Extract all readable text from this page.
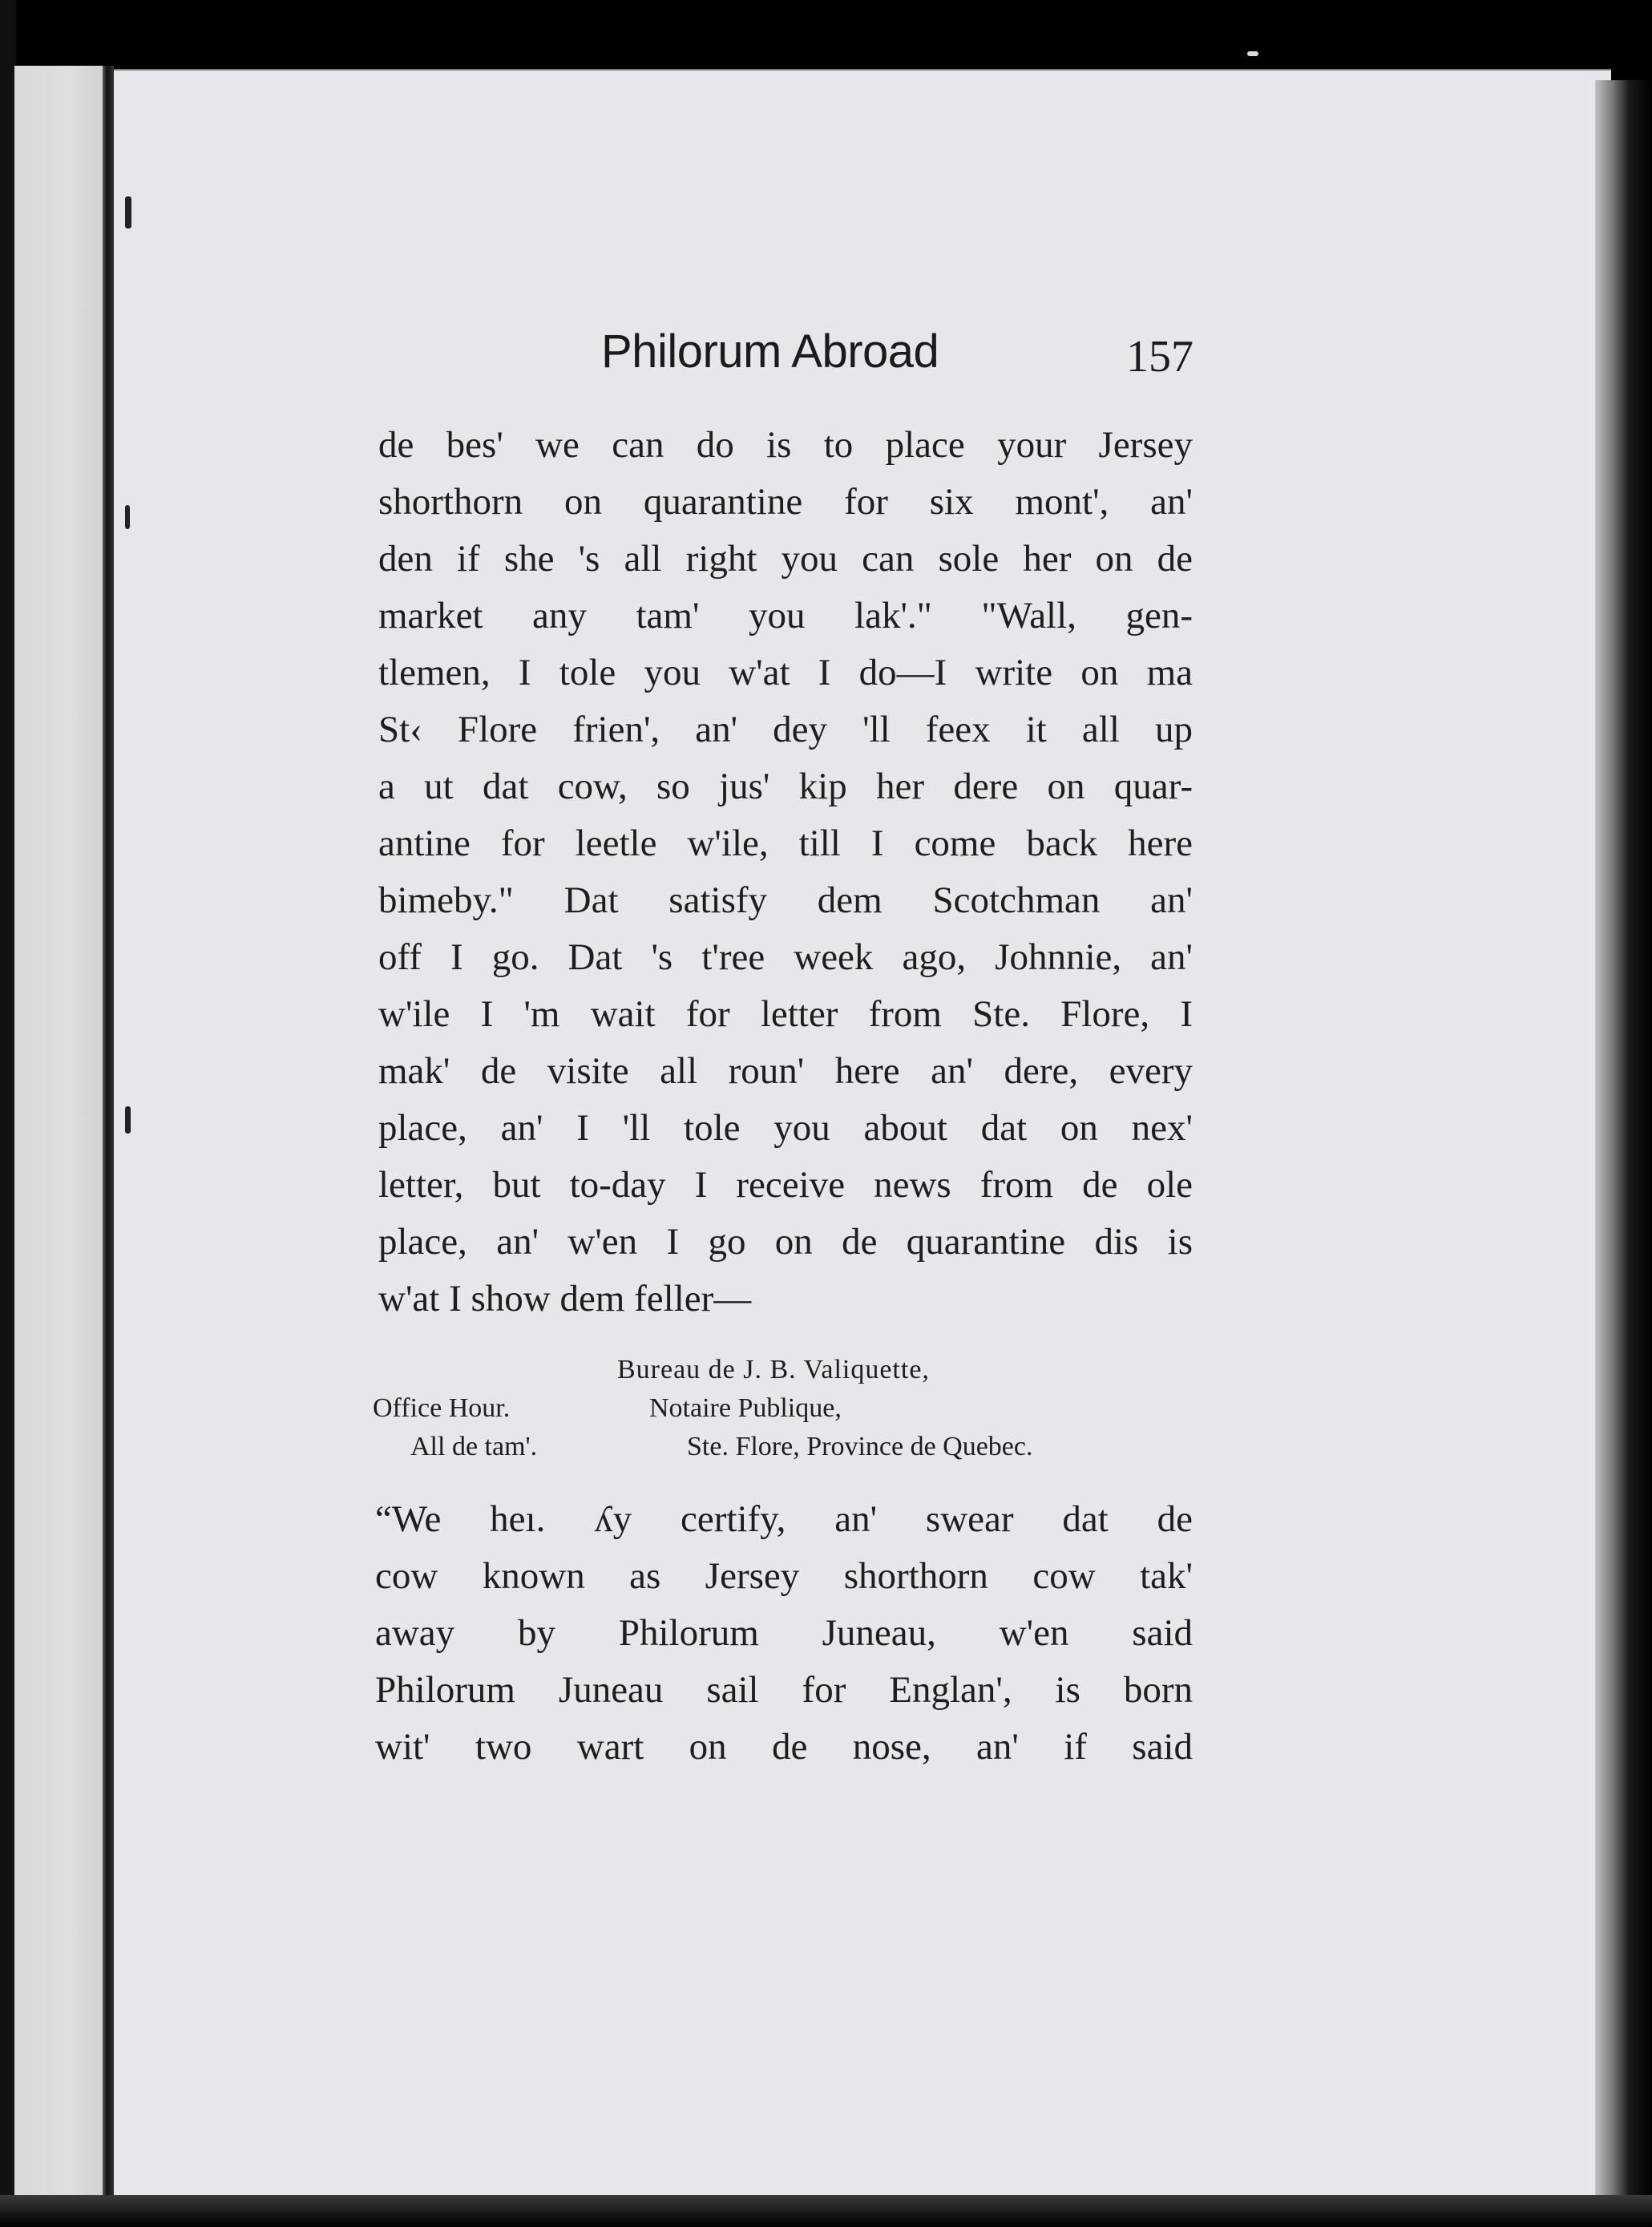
Philorum Abroad	157
de bes' we can do is to place your Jersey
shorthorn on quarantine for six mont', an'
den if she 's all right you can sole her on de
market any tam' you lak'." "Wall, gen-
tlemen, I tole you w'at I do—I write on ma
St‹ Flore frien', an' dey 'll feex it all up
a ut dat cow, so jus' kip her dere on quar-
antine for leetle w'ile, till I come back here
bimeby." Dat satisfy dem Scotchman an'
off I go. Dat 's t'ree week ago, Johnnie, an'
w'ile I 'm wait for letter from Ste. Flore, I
mak' de visite all roun' here an' dere, every
place, an' I 'll tole you about dat on nex'
letter, but to-day I receive news from de ole
place, an' w'en I go on de quarantine dis is
w'at I show dem feller—
Bureau de J. B. Valiquette,
Office Hour.	Notaire Publique,
All de tam'.	Ste. Flore, Province de Quebec.
“We heı. ʎy certify, an' swear dat de
cow known as Jersey shorthorn cow tak'
away by Philorum Juneau, w'en said
Philorum Juneau sail for Englan', is born
wit' two wart on de nose, an' if said
